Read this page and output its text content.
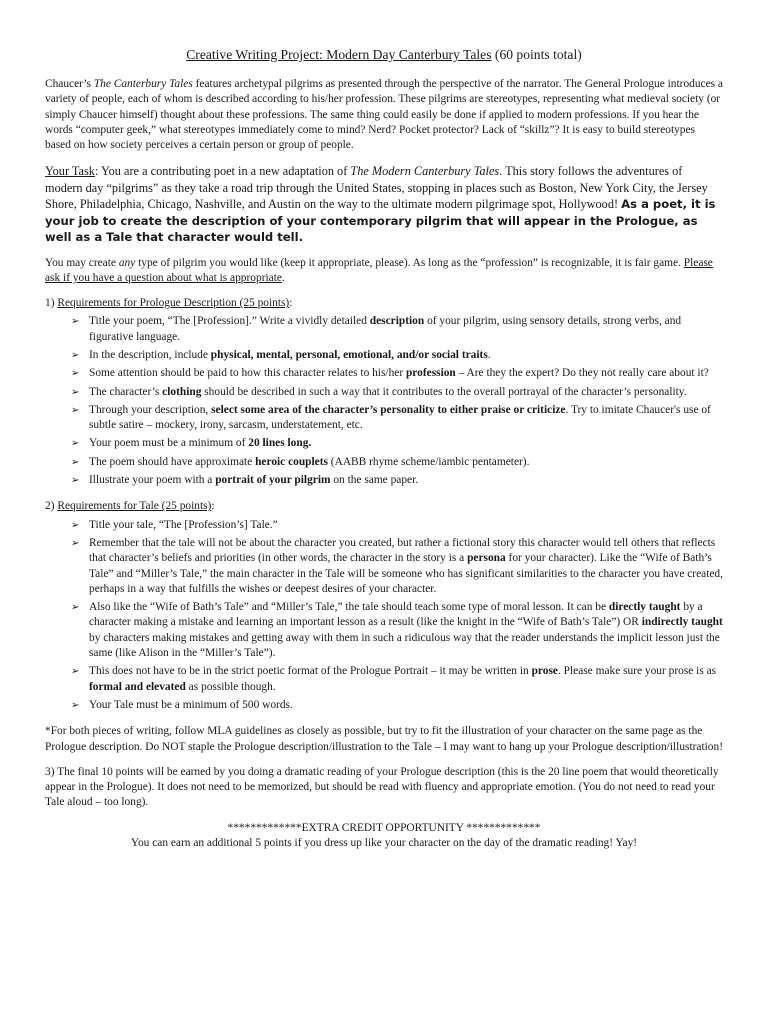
Creative Writing Project: Modern Day Canterbury Tales (60 points total)

Chaucer’s The Canterbury Tales features archetypal pilgrims as presented through the perspective of the narrator. The General Prologue introduces a variety of people, each of whom is described according to his/her profession. These pilgrims are stereotypes, representing what medieval society (or simply Chaucer himself) thought about these professions. The same thing could easily be done if applied to modern professions. If you hear the words “computer geek,” what stereotypes immediately come to mind? Nerd? Pocket protector? Lack of “skillz”? It is easy to build stereotypes based on how society perceives a certain person or group of people.

Your Task: You are a contributing poet in a new adaptation of The Modern Canterbury Tales. This story follows the adventures of modern day “pilgrims” as they take a road trip through the United States, stopping in places such as Boston, New York City, the Jersey Shore, Philadelphia, Chicago, Nashville, and Austin on the way to the ultimate modern pilgrimage spot, Hollywood! As a poet, it is your job to create the description of your contemporary pilgrim that will appear in the Prologue, as well as a Tale that character would tell.

You may create any type of pilgrim you would like (keep it appropriate, please). As long as the “profession” is recognizable, it is fair game. Please ask if you have a question about what is appropriate.

1) Requirements for Prologue Description (25 points):
➢ Title your poem, “The [Profession].” Write a vividly detailed description of your pilgrim, using sensory details, strong verbs, and figurative language.
➢ In the description, include physical, mental, personal, emotional, and/or social traits.
➢ Some attention should be paid to how this character relates to his/her profession – Are they the expert? Do they not really care about it?
➢ The character’s clothing should be described in such a way that it contributes to the overall portrayal of the character’s personality.
➢ Through your description, select some area of the character’s personality to either praise or criticize. Try to imitate Chaucer's use of subtle satire – mockery, irony, sarcasm, understatement, etc.
➢ Your poem must be a minimum of 20 lines long.
➢ The poem should have approximate heroic couplets (AABB rhyme scheme/iambic pentameter).
➢ Illustrate your poem with a portrait of your pilgrim on the same paper.
2) Requirements for Tale (25 points):
➢ Title your tale, “The [Profession’s] Tale.”
➢ Remember that the tale will not be about the character you created, but rather a fictional story this character would tell others that reflects that character’s beliefs and priorities (in other words, the character in the story is a persona for your character). Like the “Wife of Bath’s Tale” and “Miller’s Tale,” the main character in the Tale will be someone who has significant similarities to the character you have created, perhaps in a way that fulfills the wishes or deepest desires of your character.
➢ Also like the “Wife of Bath’s Tale” and “Miller’s Tale,” the tale should teach some type of moral lesson. It can be directly taught by a character making a mistake and learning an important lesson as a result (like the knight in the “Wife of Bath’s Tale”) OR indirectly taught by characters making mistakes and getting away with them in such a ridiculous way that the reader understands the implicit lesson just the same (like Alison in the “Miller’s Tale”).
➢ This does not have to be in the strict poetic format of the Prologue Portrait – it may be written in prose. Please make sure your prose is as formal and elevated as possible though.
➢ Your Tale must be a minimum of 500 words.

*For both pieces of writing, follow MLA guidelines as closely as possible, but try to fit the illustration of your character on the same page as the Prologue description. Do NOT staple the Prologue description/illustration to the Tale – I may want to hang up your Prologue description/illustration!

3) The final 10 points will be earned by you doing a dramatic reading of your Prologue description (this is the 20 line poem that would theoretically appear in the Prologue). It does not need to be memorized, but should be read with fluency and appropriate emotion. (You do not need to read your Tale aloud – too long).

*************EXTRA CREDIT OPPORTUNITY *************
You can earn an additional 5 points if you dress up like your character on the day of the dramatic reading! Yay!
